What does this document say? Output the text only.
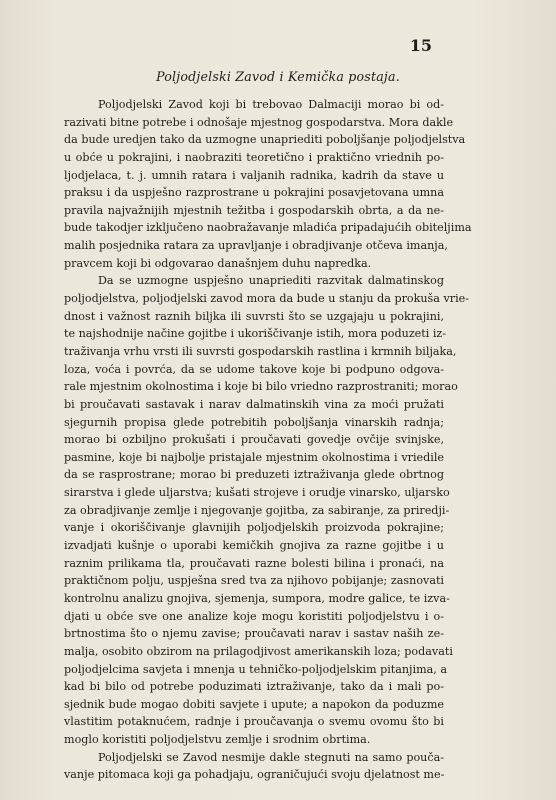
15
Poljodjelski Zavod i Kemička postaja.
Poljodjelski Zavod koji bi trebovao Dalmaciji morao bi od-
razivati bitne potrebe i odnošaje mjestnog gospodarstva. Mora dakle
da bude uredjen tako da uzmogne unaprieditі poboljšanje poljodjelstva
u obće u pokrajini, i naobraziti teoretično i praktično vriednih po-
ljodjelaca, t. j. umnih ratara i valjanih radnika, kadrih da stave u
praksu i da uspješno razprostrane u pokrajini posavjetovana umna
pravila najvažnijih mjestnih težitba i gospodarskih obrta, a da ne-
bude takodjer izključeno naobražavanje mladića pripadajućih obiteljima
malih posjednika ratara za upravljanje i obradjivanje otčeva imanja,
pravcem koji bi odgovarao današnjem duhu napredka.
Da se uzmogne uspješno unaprieditі razvitak dalmatinskog
poljodjelstva, poljodjelski zavod mora da bude u stanju da prokuša vrie-
dnost i važnost raznih biljka ili suvrsti što se uzgajaju u pokrajini,
te najshodnije načine gojitbe i ukoriščivanje istih, mora poduzeti iz-
traživanja vrhu vrsti ili suvrsti gospodarskih rastlina i krmnih biljaka,
loza, voća i povrća, da se udome takove koje bi podpuno odgova-
rale mjestnim okolnostima i koje bi bilo vriedno razprostraniti; morao
bi proučavati sastavak i narav dalmatinskih vina za moći pružati
sjegurnih propisa glede potrebitih poboljšanja vinarskih radnja;
morao bi ozbiljno prokušati i proučavati govedje ovčije svinjske,
pasmine, koje bi najbolje pristajale mjestnim okolnostima i vriedile
da se rasprostrane; morao bi preduzeti iztraživanja glede obrtnog
sirarstva i glede uljarstva; kušati strojeve i orudje vinarsko, uljarsko
za obradjivanje zemlje i njegovanje gojitba, za sabiranje, za priredji-
vanje i okoriščivanje glavnijih poljodjelskih proizvoda pokrajine;
izvadjati kušnje o uporabi kemičkih gnojiva za razne gojitbe i u
raznim prilikama tla, proučavati razne bolesti bilina i pronaći, na
praktičnom polju, uspješna sred tva za njihovo pobijanje; zasnovati
kontrolnu analizu gnojiva, sjemenja, sumpora, modre galice, te izva-
djati u obće sve one analize koje mogu koristiti poljodjelstvu i o-
brtnostima što o njemu zavise; proučavati narav i sastav naših ze-
malja, osobito obzirom na prilagodjivost amerikanskih loza; podavati
poljodjelcima savjeta i mnenja u tehničko-poljodjelskim pitanjima, a
kad bi bilo od potrebe poduzimati iztraživanje, tako da i mali po-
sjednik bude mogao dobiti savjete i upute; a napokon da poduzme
vlastitim potaknućem, radnje i proučavanja o svemu ovomu što bi
moglo koristiti poljodjelstvu zemlje i srodnim obrtima.
Poljodjelski se Zavod nesmije dakle stegnuti na samo pouča-
vanje pitomaca koji ga pohadjaju, ograničujući svoju djelatnost me-
